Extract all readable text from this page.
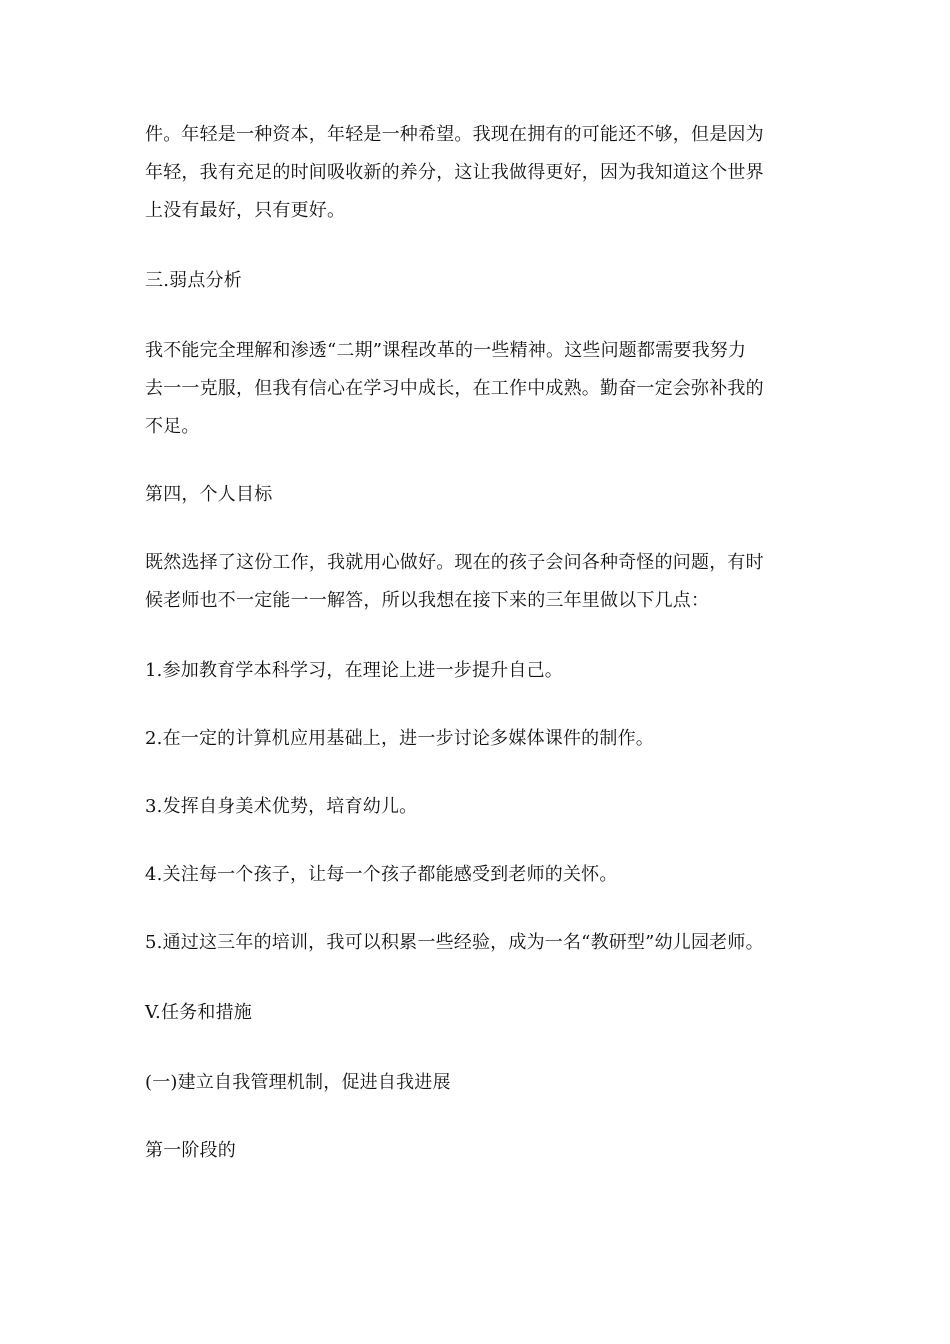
件。年轻是一种资本，年轻是一种希望。我现在拥有的可能还不够，但是因为
年轻，我有充足的时间吸收新的养分，这让我做得更好，因为我知道这个世界
上没有最好，只有更好。
三.弱点分析
我不能完全理解和渗透“二期”课程改革的一些精神。这些问题都需要我努力
去一一克服，但我有信心在学习中成长，在工作中成熟。勤奋一定会弥补我的
不足。
第四，个人目标
既然选择了这份工作，我就用心做好。现在的孩子会问各种奇怪的问题，有时
候老师也不一定能一一解答，所以我想在接下来的三年里做以下几点：
1.参加教育学本科学习，在理论上进一步提升自己。
2.在一定的计算机应用基础上，进一步讨论多媒体课件的制作。
3.发挥自身美术优势，培育幼儿。
4.关注每一个孩子，让每一个孩子都能感受到老师的关怀。
5.通过这三年的培训，我可以积累一些经验，成为一名“教研型”幼儿园老师。
V.任务和措施
(一)建立自我管理机制，促进自我进展
第一阶段的
